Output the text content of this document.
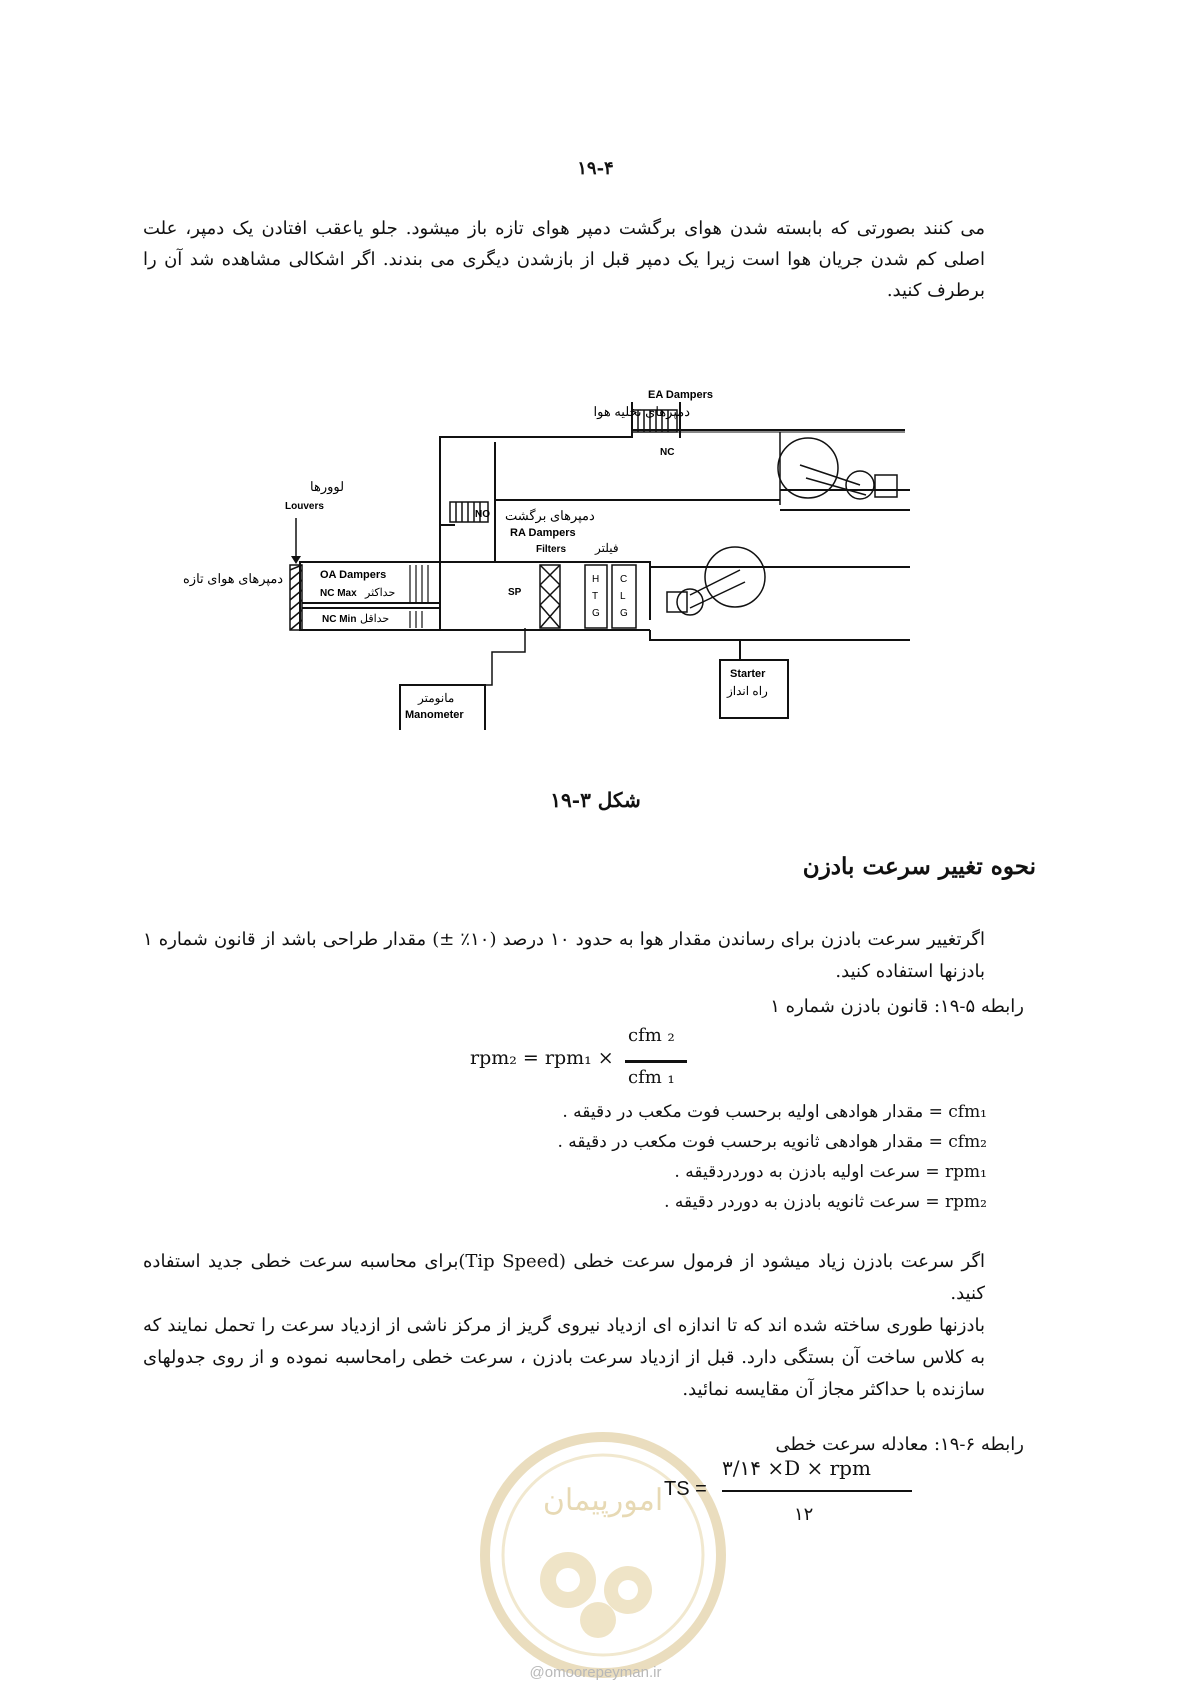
۱۹-۴
می کنند بصورتی که بابسته شدن هوای برگشت دمپر هوای تازه باز میشود. جلو یاعقب افتادن یک دمپر، علت اصلی کم شدن جریان هوا است زیرا یک دمپر قبل از بازشدن دیگری می بندند. اگر اشکالی مشاهده شد آن را برطرف کنید.
EA Dampers
دمپرهای تخلیه هوا
NC
لوورها
Louvers
NO دمپرهای برگشت
RA Dampers
Filters فیلتر
دمپرهای هوای تازه	OA Dampers
NC Max حداکثر
NC Min حداقل
SP
H
T
G
C
L
G
Starter
راه انداز
مانومتر
Manometer
شکل ۳-۱۹
نحوه تغییر سرعت بادزن
اگرتغییر سرعت بادزن برای رساندن مقدار هوا به حدود ۱۰ درصد (۱۰٪ ±) مقدار طراحی باشد از قانون شماره ۱ بادزنها استفاده کنید.
رابطه ۵-۱۹: قانون بادزن شماره ۱
rpm₂ = rpm₁ ×
cfm ₂
cfm ₁
cfm₁ = مقدار هوادهی اولیه برحسب فوت مکعب در دقیقه .
cfm₂ = مقدار هوادهی ثانویه برحسب فوت مکعب در دقیقه .
rpm₁ = سرعت اولیه بادزن به دوردردقیقه .
rpm₂ = سرعت ثانویه بادزن به دوردر دقیقه .
اگر سرعت بادزن زیاد میشود از فرمول سرعت خطی (Tip Speed)برای محاسبه سرعت خطی جدید استفاده کنید.
بادزنها طوری ساخته شده اند که تا اندازه ای ازدیاد نیروی گریز از مرکز ناشی از ازدیاد سرعت را تحمل نمایند که به کلاس ساخت آن بستگی دارد. قبل از ازدیاد سرعت بادزن ، سرعت خطی رامحاسبه نموده و از روی جدولهای سازنده با حداکثر مجاز آن مقایسه نمائید.
رابطه ۶-۱۹: معادله سرعت خطی
امورپیمان TS =
۳/۱۴ ×D × rpm
۱۲
@omoorepeyman.ir
